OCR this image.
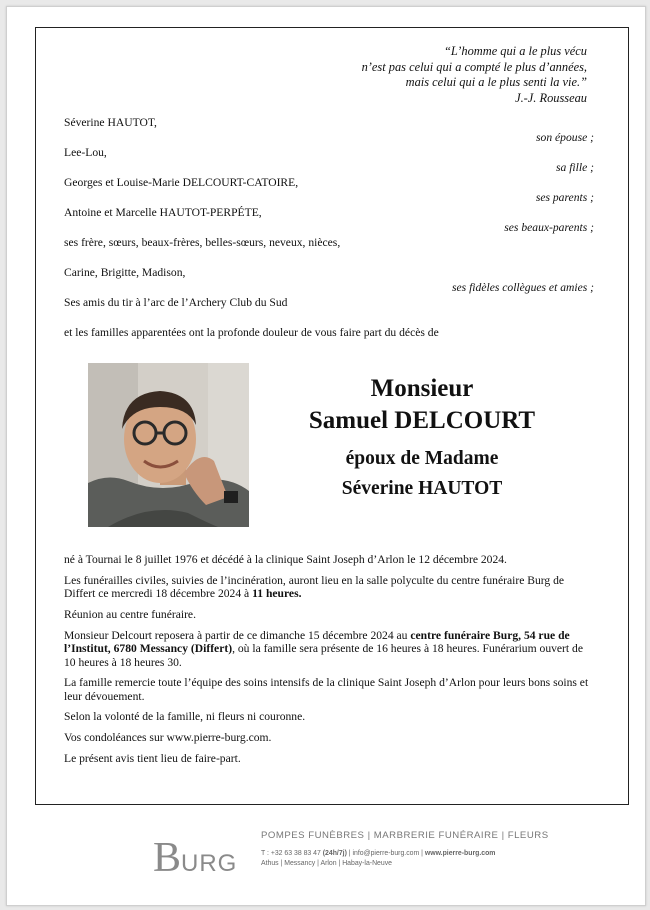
“L’homme qui a le plus vécu
n’est pas celui qui a compté le plus d’années,
mais celui qui a le plus senti la vie.”
J.-J. Rousseau
Séverine HAUTOT,
son épouse ;
Lee-Lou,
sa fille ;
Georges et Louise-Marie DELCOURT-CATOIRE,
ses parents ;
Antoine et Marcelle HAUTOT-PERPÉTE,
ses beaux-parents ;
ses frère, sœurs, beaux-frères, belles-sœurs, neveux, nièces,
Carine, Brigitte, Madison,
ses fidèles collègues et amies ;
Ses amis du tir à l’arc de l’Archery Club du Sud
et les familles apparentées ont la profonde douleur de vous faire part du décès de
Monsieur
Samuel DELCOURT
époux de Madame
Séverine HAUTOT

né à Tournai le 8 juillet 1976 et décédé à la clinique Saint Joseph d’Arlon le 12 décembre 2024.

Les funérailles civiles, suivies de l’incinération, auront lieu en la salle polyculte du centre funéraire Burg de Differt ce mercredi 18 décembre 2024 à 11 heures.

Réunion au centre funéraire.

Monsieur Delcourt reposera à partir de ce dimanche 15 décembre 2024 au centre funéraire Burg, 54 rue de l’Institut, 6780 Messancy (Differt), où la famille sera présente de 16 heures à 18 heures. Funérarium ouvert de 10 heures à 18 heures 30.

La famille remercie toute l’équipe des soins intensifs de la clinique Saint Joseph d’Arlon pour leurs bons soins et leur dévouement.

Selon la volonté de la famille, ni fleurs ni couronne.

Vos condoléances sur www.pierre-burg.com.

Le présent avis tient lieu de faire-part.

B URG
POMPES FUNÈBRES | MARBRERIE FUNÉRAIRE | FLEURS
T : +32 63 38 83 47 (24h/7j) | info@pierre-burg.com | www.pierre-burg.com
Athus | Messancy | Arlon | Habay-la-Neuve
